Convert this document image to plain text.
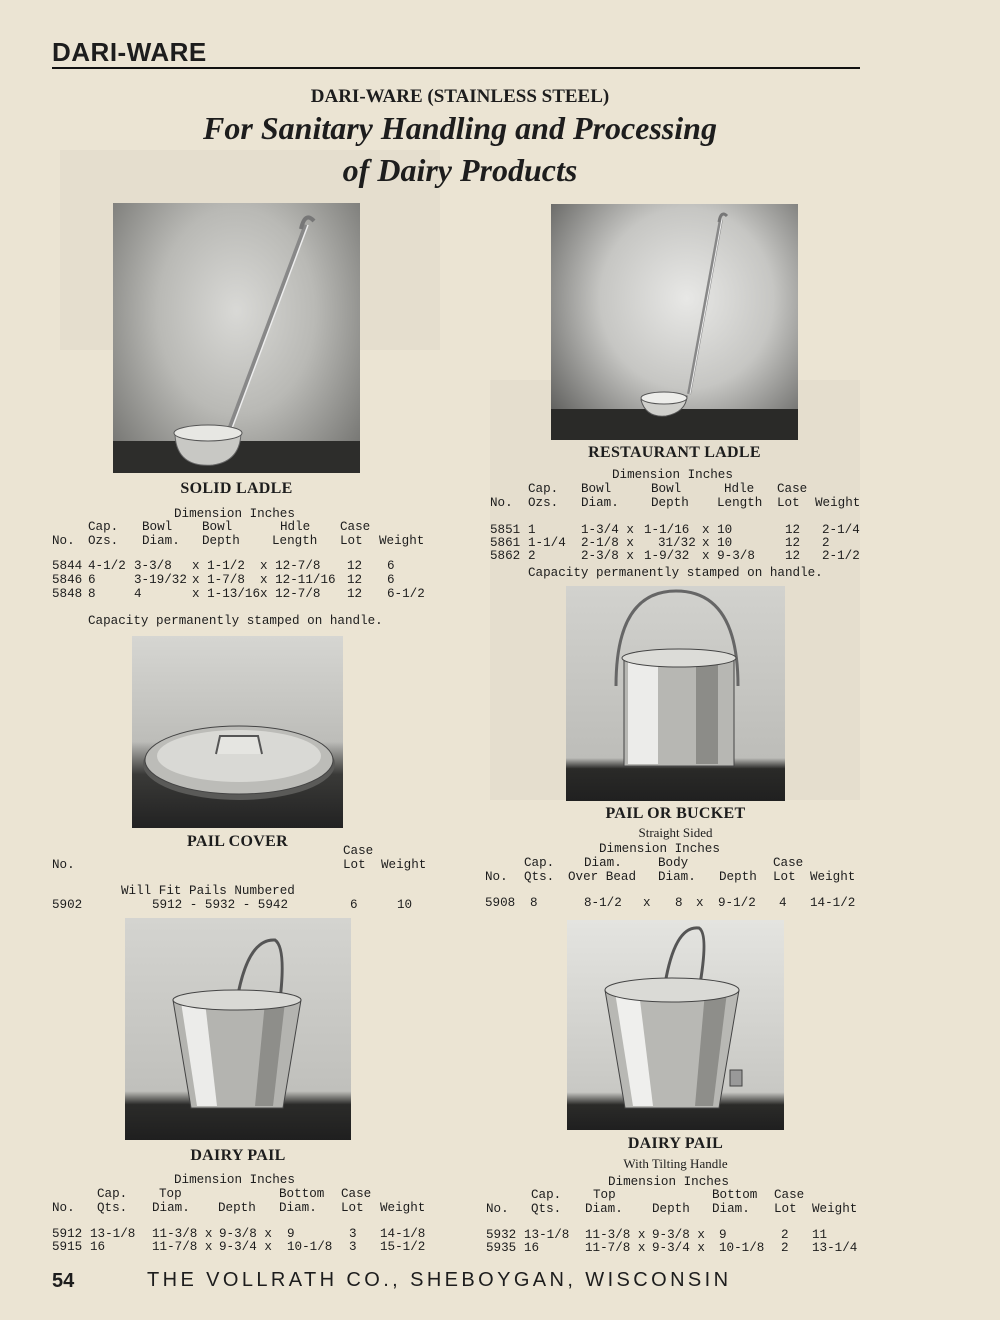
DARI-WARE
DARI-WARE (STAINLESS STEEL)
For Sanitary Handling and Processing
of Dairy Products
SOLID LADLE
Dimension Inches
Cap. Bowl Bowl	Hdle Case
No. Ozs. Diam. Depth	Length Lot Weight
5844 4-1/2 3-3/8 x 1-1/2 x 12-7/8 12 6
5846 6	3-19/32 x 1-7/8 x 12-11/16 12 6
5848 8	4	x 1-13/16 x 12-7/8 12 6-1/2
Capacity permanently stamped on handle.
RESTAURANT LADLE
Dimension Inches
Cap. Bowl	Bowl	Hdle Case
No. Ozs. Diam.	Depth Length Lot Weight
5851 1	1-3/4 x 1-1/16 x 10	12 2-1/4
5861 1-1/4 2-1/8 x 31/32 x 10	12 2
5862 2	2-3/8 x 1-9/32 x 9-3/8 12 2-1/2
Capacity permanently stamped on handle.
PAIL COVER
Case
No.	Lot Weight
Will Fit Pails Numbered
5902	5912 - 5932 - 5942	6	10
PAIL OR BUCKET
Straight Sided
Dimension Inches
Cap. Diam.	Body	Case
No. Qts. Over Bead Diam. Depth Lot Weight
5908 8	8-1/2 x 8 x 9-1/2 4 14-1/2
DAIRY PAIL
Dimension Inches
Cap.	Top	Bottom Case
No. Qts. Diam. Depth Diam. Lot Weight
5912 13-1/8 11-3/8 x 9-3/8 x 9	3 14-1/8
5915 16	11-7/8 x 9-3/4 x 10-1/8 3 15-1/2
DAIRY PAIL
With Tilting Handle
Dimension Inches
Cap.	Top	Bottom Case
No. Qts. Diam. Depth Diam. Lot Weight
5932 13-1/8 11-3/8 x 9-3/8 x 9	2 11
5935 16	11-7/8 x 9-3/4 x 10-1/8 2 13-1/4
54	THE VOLLRATH CO., SHEBOYGAN, WISCONSIN
